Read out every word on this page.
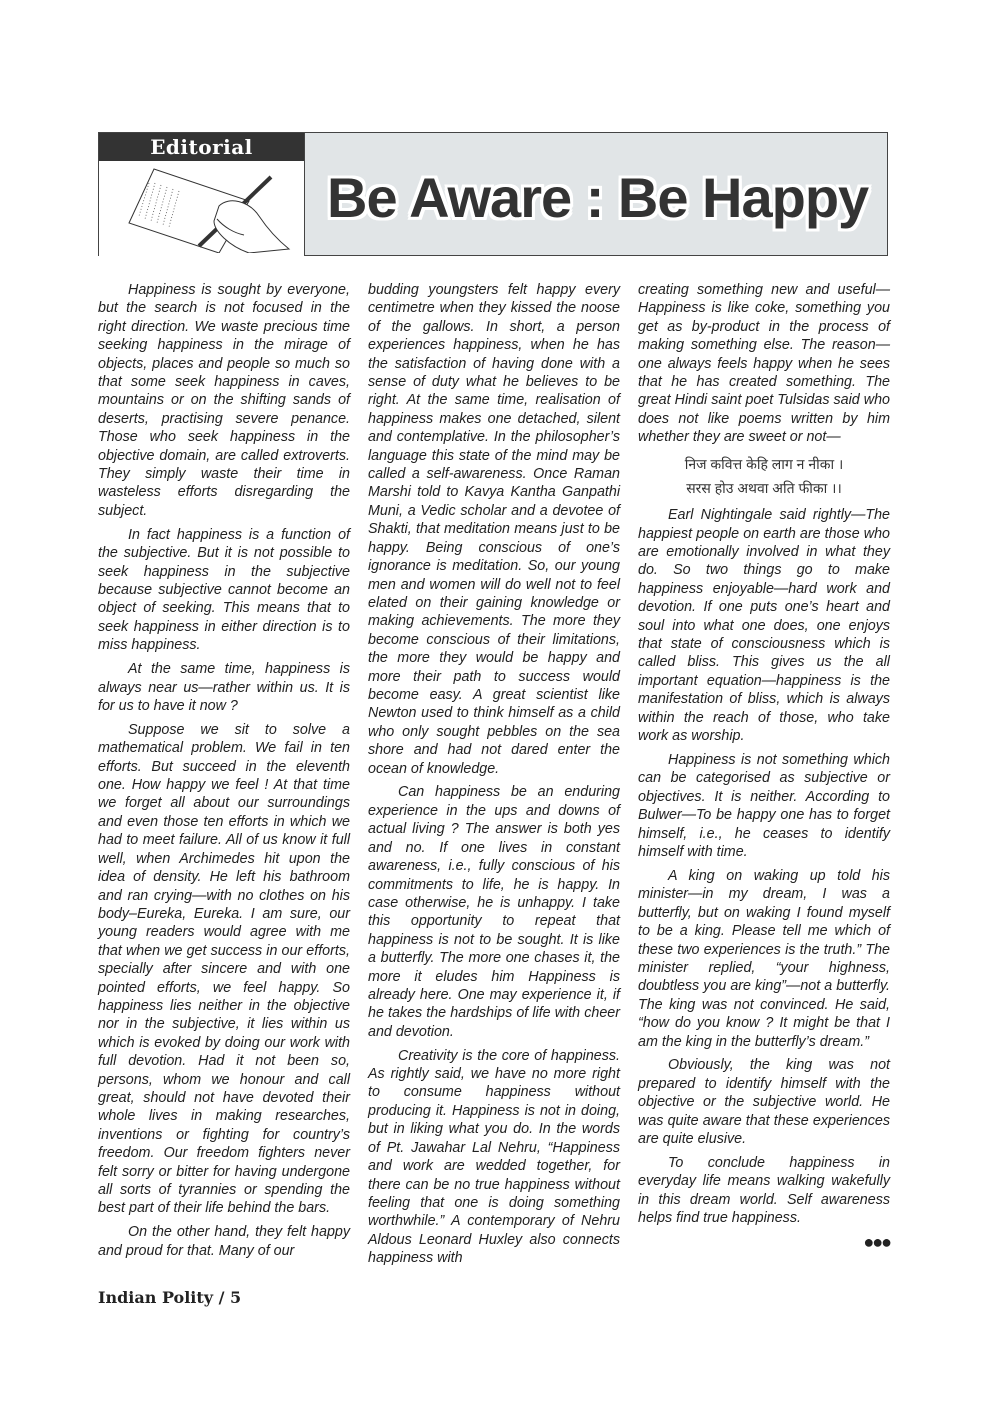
Editorial
Be Aware : Be Happy

Happiness is sought by everyone, but the search is not focused in the right direction. We waste precious time seeking happiness in the mirage of objects, places and people so much so that some seek happiness in caves, mountains or on the shifting sands of deserts, practising severe penance. Those who seek happiness in the objective domain, are called extroverts. They simply waste their time in wasteless efforts disregarding the subject.

In fact happiness is a function of the subjective. But it is not possible to seek happiness in the subjective because subjective cannot become an object of seeking. This means that to seek happiness in either direction is to miss happiness.

At the same time, happiness is always near us—rather within us. It is for us to have it now ?

Suppose we sit to solve a mathematical problem. We fail in ten efforts. But succeed in the eleventh one. How happy we feel ! At that time we forget all about our surroundings and even those ten efforts in which we had to meet failure. All of us know it full well, when Archimedes hit upon the idea of density. He left his bathroom and ran crying—with no clothes on his body–Eureka, Eureka. I am sure, our young readers would agree with me that when we get success in our efforts, specially after sincere and with one pointed efforts, we feel happy. So happiness lies neither in the objective nor in the subjective, it lies within us which is evoked by doing our work with full devotion. Had it not been so, persons, whom we honour and call great, should not have devoted their whole lives in making researches, inventions or fighting for country’s freedom. Our freedom fighters never felt sorry or bitter for having undergone all sorts of tyrannies or spending the best part of their life behind the bars.

On the other hand, they felt happy and proud for that. Many of our

budding youngsters felt happy every centimetre when they kissed the noose of the gallows. In short, a person experiences happiness, when he has the satisfaction of having done with a sense of duty what he believes to be right. At the same time, realisation of happiness makes one detached, silent and contemplative. In the philosopher’s language this state of the mind may be called a self-awareness. Once Raman Marshi told to Kavya Kantha Ganpathi Muni, a Vedic scholar and a devotee of Shakti, that meditation means just to be happy. Being conscious of one’s ignorance is meditation. So, our young men and women will do well not to feel elated on their gaining knowledge or making achievements. The more they become conscious of their limitations, the more they would be happy and more their path to success would become easy. A great scientist like Newton used to think himself as a child who only sought pebbles on the sea shore and had not dared enter the ocean of knowledge.

Can happiness be an enduring experience in the ups and downs of actual living ? The answer is both yes and no. If one lives in constant awareness, i.e., fully conscious of his commitments to life, he is happy. In case otherwise, he is unhappy. I take this opportunity to repeat that happiness is not to be sought. It is like a butterfly. The more one chases it, the more it eludes him Happiness is already here. One may experience it, if he takes the hardships of life with cheer and devotion.

Creativity is the core of happiness. As rightly said, we have no more right to consume happiness without producing it. Happiness is not in doing, but in liking what you do. In the words of Pt. Jawahar Lal Nehru, “Happiness and work are wedded together, for there can be no true happiness without feeling that one is doing something worthwhile.” A contemporary of Nehru Aldous Leonard Huxley also connects happiness with

creating something new and useful—Happiness is like coke, something you get as by-product in the process of making something else. The reason—one always feels happy when he sees that he has created something. The great Hindi saint poet Tulsidas said who does not like poems written by him whether they are sweet or not—

निज कवित्त केहि लाग न नीका ।
सरस होउ अथवा अति फीका ।।

Earl Nightingale said rightly—The happiest people on earth are those who are emotionally involved in what they do. So two things go to make happiness enjoyable—hard work and devotion. If one puts one’s heart and soul into what one does, one enjoys that state of consciousness which is called bliss. This gives us the all important equation—happiness is the manifestation of bliss, which is always within the reach of those, who take work as worship.

Happiness is not something which can be categorised as subjective or objectives. It is neither. According to Bulwer—To be happy one has to forget himself, i.e., he ceases to identify himself with time.

A king on waking up told his minister—in my dream, I was a butterfly, but on waking I found myself to be a king. Please tell me which of these two experiences is the truth.” The minister replied, “your highness, doubtless you are king”—not a butterfly. The king was not convinced. He said, “how do you know ? It might be that I am the king in the butterfly’s dream.”

Obviously, the king was not prepared to identify himself with the objective or the subjective world. He was quite aware that these experiences are quite elusive.

To conclude happiness in everyday life means walking wakefully in this dream world. Self awareness helps find true happiness.

●●●
Indian Polity / 5
